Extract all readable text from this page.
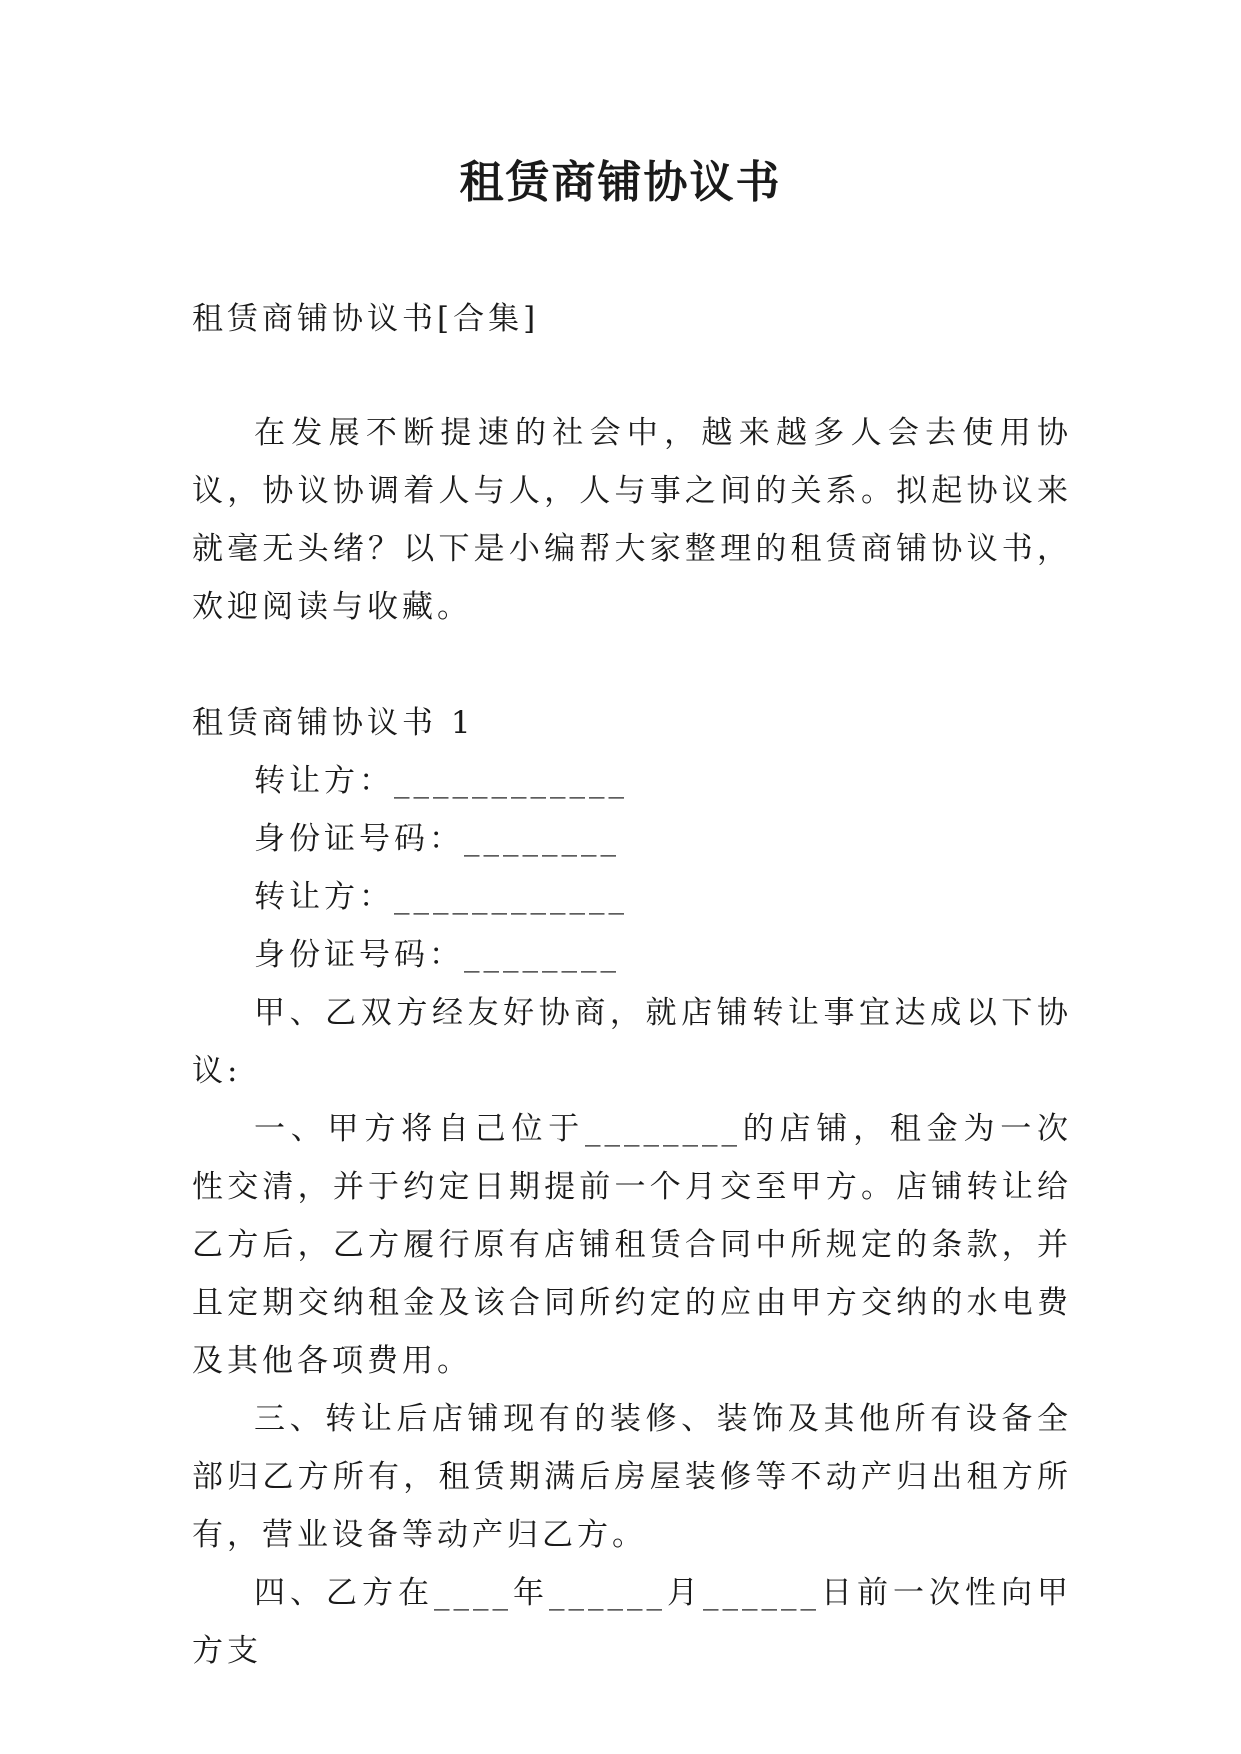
租赁商铺协议书

租赁商铺协议书[合集]

在发展不断提速的社会中，越来越多人会去使用协议，协议协调着人与人，人与事之间的关系。拟起协议来就毫无头绪？以下是小编帮大家整理的租赁商铺协议书，欢迎阅读与收藏。

租赁商铺协议书 1

转让方：____________

身份证号码：________

转让方：____________

身份证号码：________

甲、乙双方经友好协商，就店铺转让事宜达成以下协议:

一、甲方将自己位于________的店铺，租金为一次性交清，并于约定日期提前一个月交至甲方。店铺转让给乙方后，乙方履行原有店铺租赁合同中所规定的条款，并且定期交纳租金及该合同所约定的应由甲方交纳的水电费及其他各项费用。

三、转让后店铺现有的装修、装饰及其他所有设备全部归乙方所有，租赁期满后房屋装修等不动产归出租方所有，营业设备等动产归乙方。

四、乙方在____年______月______日前一次性向甲方支
